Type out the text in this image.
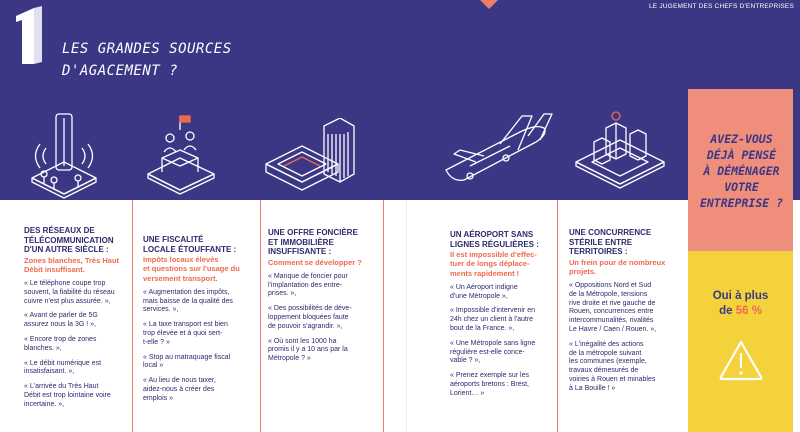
LE JUGEMENT DES CHEFS D'ENTREPRISES
1 LES GRANDES SOURCES
D'AGACEMENT ?
DES RÉSEAUX DE
TÉLÉCOMMUNICATION
D'UN AUTRE SIÈCLE :
Zones blanches, Très Haut
Débit insuffisant.
« Le téléphone coupe trop
souvent, la fiabilité du réseau
cuivre n'est plus assurée. »,
« Avant de parler de 5G
assurez nous la 3G ! »,
« Encore trop de zones
blanches. »,
« Le débit numérique est
insatisfaisant. »,
« L'arrivée du Très Haut
Débit est trop lointaine voire
incertaine. »,
UNE FISCALITÉ
LOCALE ÉTOUFFANTE :
Impôts locaux élevés
et questions sur l'usage du
versement transport.
« Augmentation des impôts,
mais baisse de la qualité des
services. »,
« La taxe transport est bien
trop élevée et à quoi sert-
t-elle ? »
« Stop au matraquage fiscal
local »
« Au lieu de nous taxer,
aidez-nous à créer des
emplois »
UNE OFFRE FONCIÈRE
ET IMMOBILIÈRE
INSUFFISANTE :
Comment se développer ?
« Manque de foncier pour
l'implantation des entre-
prises. »,
« Des possibilités de déve-
loppement bloquées faute
de pouvoir s'agrandir. »,
« Où sont les 1000 ha
promis il y a 10 ans par la
Métropole ? »
UN AÉROPORT SANS
LIGNES RÉGULIÈRES :
Il est impossible d'effec-
tuer de longs déplace-
ments rapidement !
« Un Aéroport indigne
d'une Métropole »,
« Impossible d'intervenir en
24h chez un client à l'autre
bout de la France. »,
« Une Métropole sans ligne
régulière est-elle conce-
vable ? »,
« Prenez exemple sur les
aéroports bretons : Brest,
Lorient… »
UNE CONCURRENCE
STÉRILE ENTRE
TERRITOIRES :
Un frein pour de nombreux
projets.
« Oppositions Nord et Sud
de la Métropole, tensions
rive droite et rive gauche de
Rouen, concurrences entre
intercommunalités, rivalités
Le Havre / Caen / Rouen. »,
« L'inégalité des actions
de la métropole suivant
les communes (exemple,
travaux démesurés de
voiries à Rouen et minables
à La Bouille ! »
AVEZ-VOUS
DÉJÀ PENSÉ
À DÉMÉNAGER
VOTRE
ENTREPRISE ?
Oui à plus
de 56 %
